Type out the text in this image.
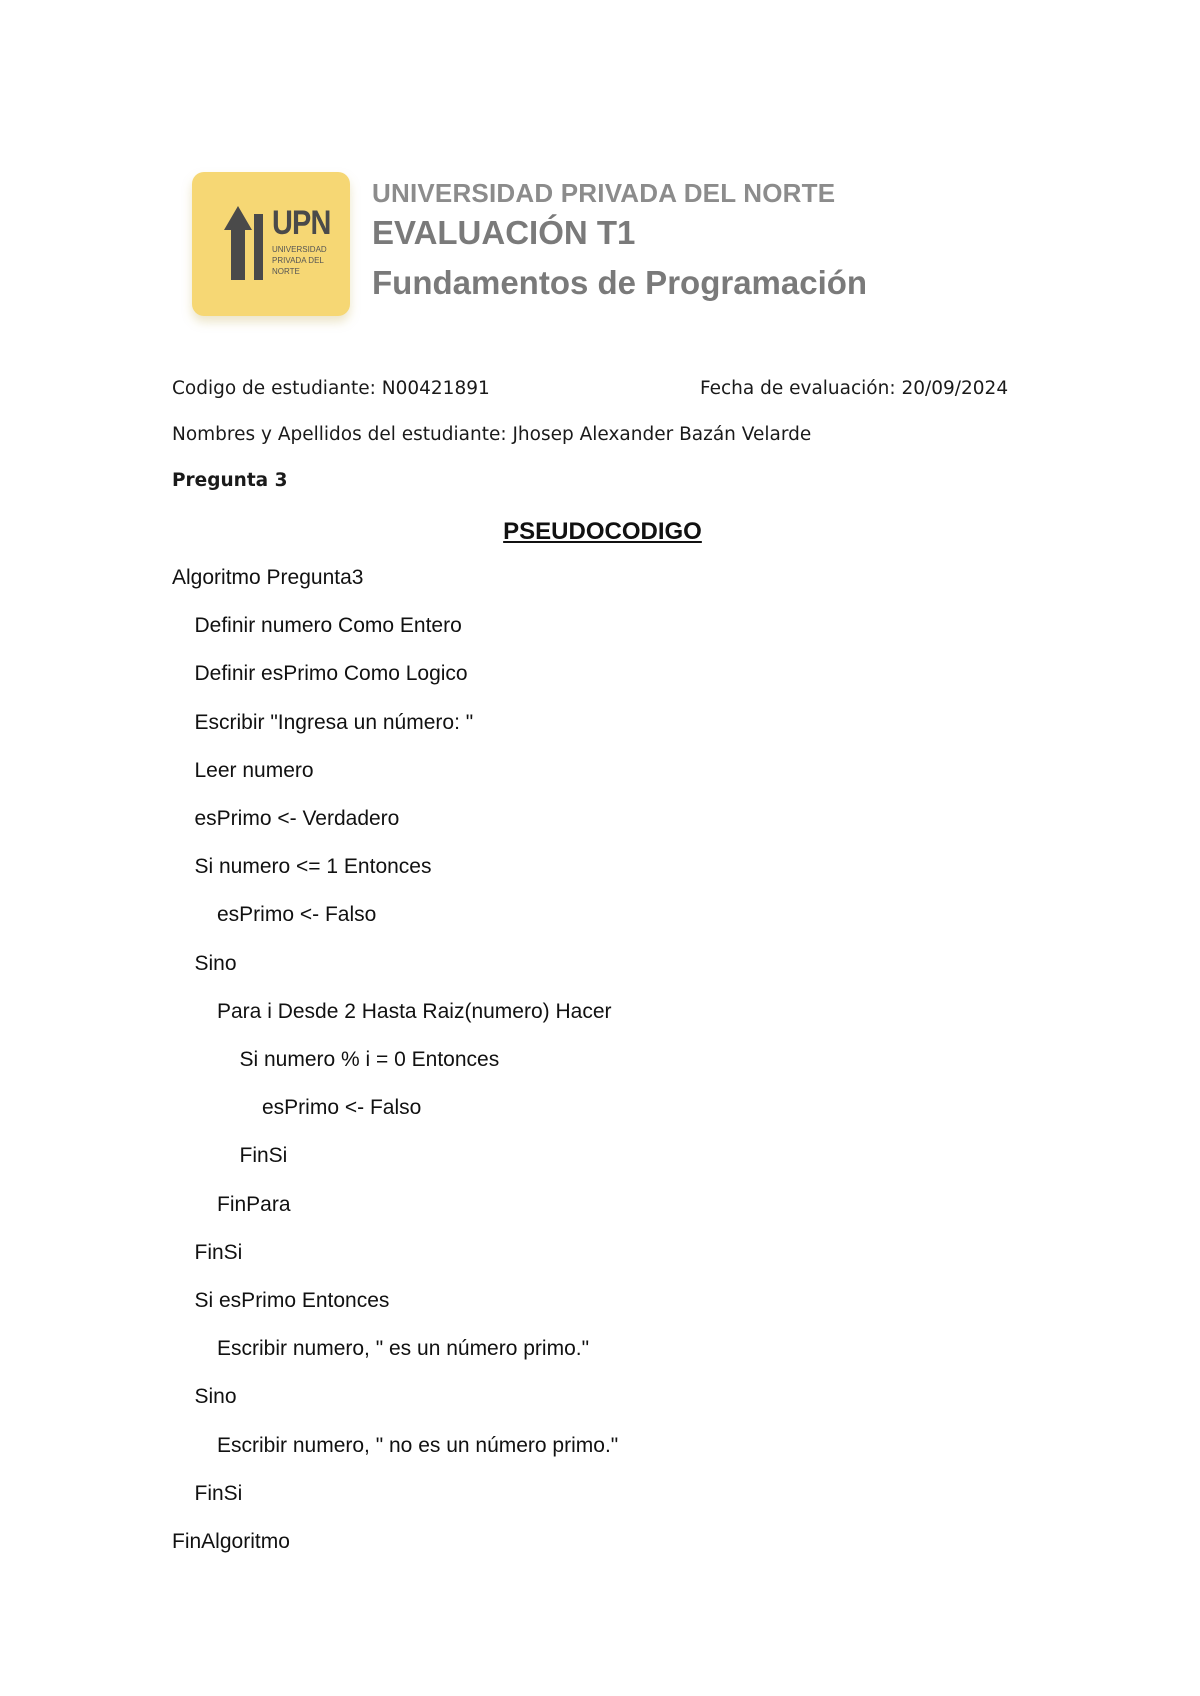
UPN
UNIVERSIDAD PRIVADA DEL NORTE
UNIVERSIDAD PRIVADA DEL NORTE
EVALUACIÓN T1
Fundamentos de Programación
Codigo de estudiante: N00421891	Fecha de evaluación: 20/09/2024
Nombres y Apellidos del estudiante: Jhosep Alexander Bazán Velarde
Pregunta 3
PSEUDOCODIGO
Algoritmo Pregunta3
Definir numero Como Entero
Definir esPrimo Como Logico
Escribir "Ingresa un número: "
Leer numero
esPrimo <- Verdadero
Si numero <= 1 Entonces
esPrimo <- Falso
Sino
Para i Desde 2 Hasta Raiz(numero) Hacer
Si numero % i = 0 Entonces
esPrimo <- Falso
FinSi
FinPara
FinSi
Si esPrimo Entonces
Escribir numero, " es un número primo."
Sino
Escribir numero, " no es un número primo."
FinSi
FinAlgoritmo
